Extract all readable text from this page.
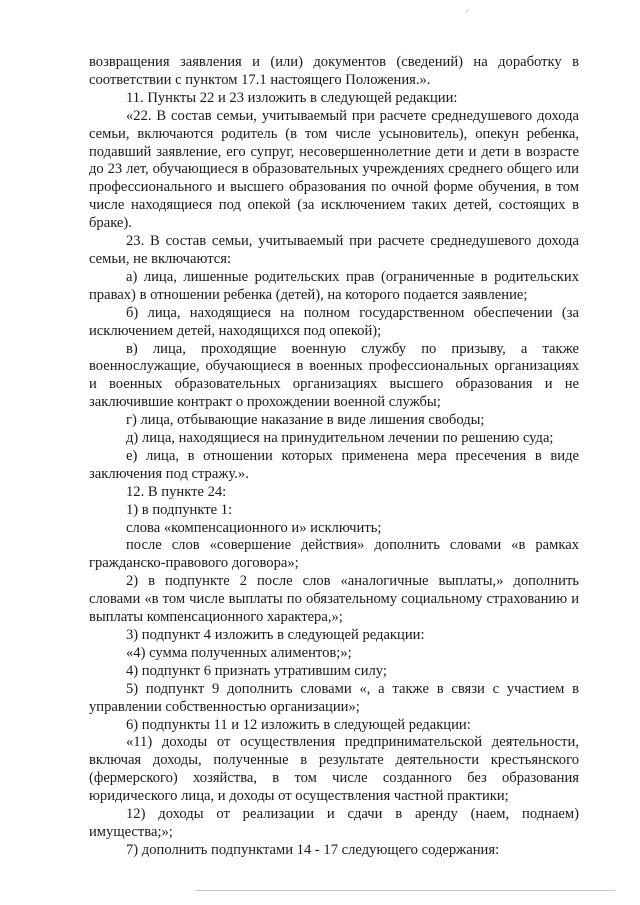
возвращения заявления и (или) документов (сведений) на доработку в соответствии с пунктом 17.1 настоящего Положения.».

11. Пункты 22 и 23 изложить в следующей редакции:

«22. В состав семьи, учитываемый при расчете среднедушевого дохода семьи, включаются родитель (в том числе усыновитель), опекун ребенка, подавший заявление, его супруг, несовершеннолетние дети и дети в возрасте до 23 лет, обучающиеся в образовательных учреждениях среднего общего или профессионального и высшего образования по очной форме обучения, в том числе находящиеся под опекой (за исключением таких детей, состоящих в браке).

23. В состав семьи, учитываемый при расчете среднедушевого дохода семьи, не включаются:

а) лица, лишенные родительских прав (ограниченные в родительских правах) в отношении ребенка (детей), на которого подается заявление;

б) лица, находящиеся на полном государственном обеспечении (за исключением детей, находящихся под опекой);

в) лица, проходящие военную службу по призыву, а также военнослужащие, обучающиеся в военных профессиональных организациях и военных образовательных организациях высшего образования и не заключившие контракт о прохождении военной службы;

г) лица, отбывающие наказание в виде лишения свободы;

д) лица, находящиеся на принудительном лечении по решению суда;

е) лица, в отношении которых применена мера пресечения в виде заключения под стражу.».

12. В пункте 24:

1) в подпункте 1:

слова «компенсационного и» исключить;

после слов «совершение действия» дополнить словами «в рамках гражданско-правового договора»;

2) в подпункте 2 после слов «аналогичные выплаты,» дополнить словами «в том числе выплаты по обязательному социальному страхованию и выплаты компенсационного характера,»;

3) подпункт 4 изложить в следующей редакции:

«4) сумма полученных алиментов;»;

4) подпункт 6 признать утратившим силу;

5) подпункт 9 дополнить словами «, а также в связи с участием в управлении собственностью организации»;

6) подпункты 11 и 12 изложить в следующей редакции:

«11) доходы от осуществления предпринимательской деятельности, включая доходы, полученные в результате деятельности крестьянского (фермерского) хозяйства, в том числе созданного без образования юридического лица, и доходы от осуществления частной практики;

12) доходы от реализации и сдачи в аренду (наем, поднаем) имущества;»;

7) дополнить подпунктами 14 - 17 следующего содержания:
